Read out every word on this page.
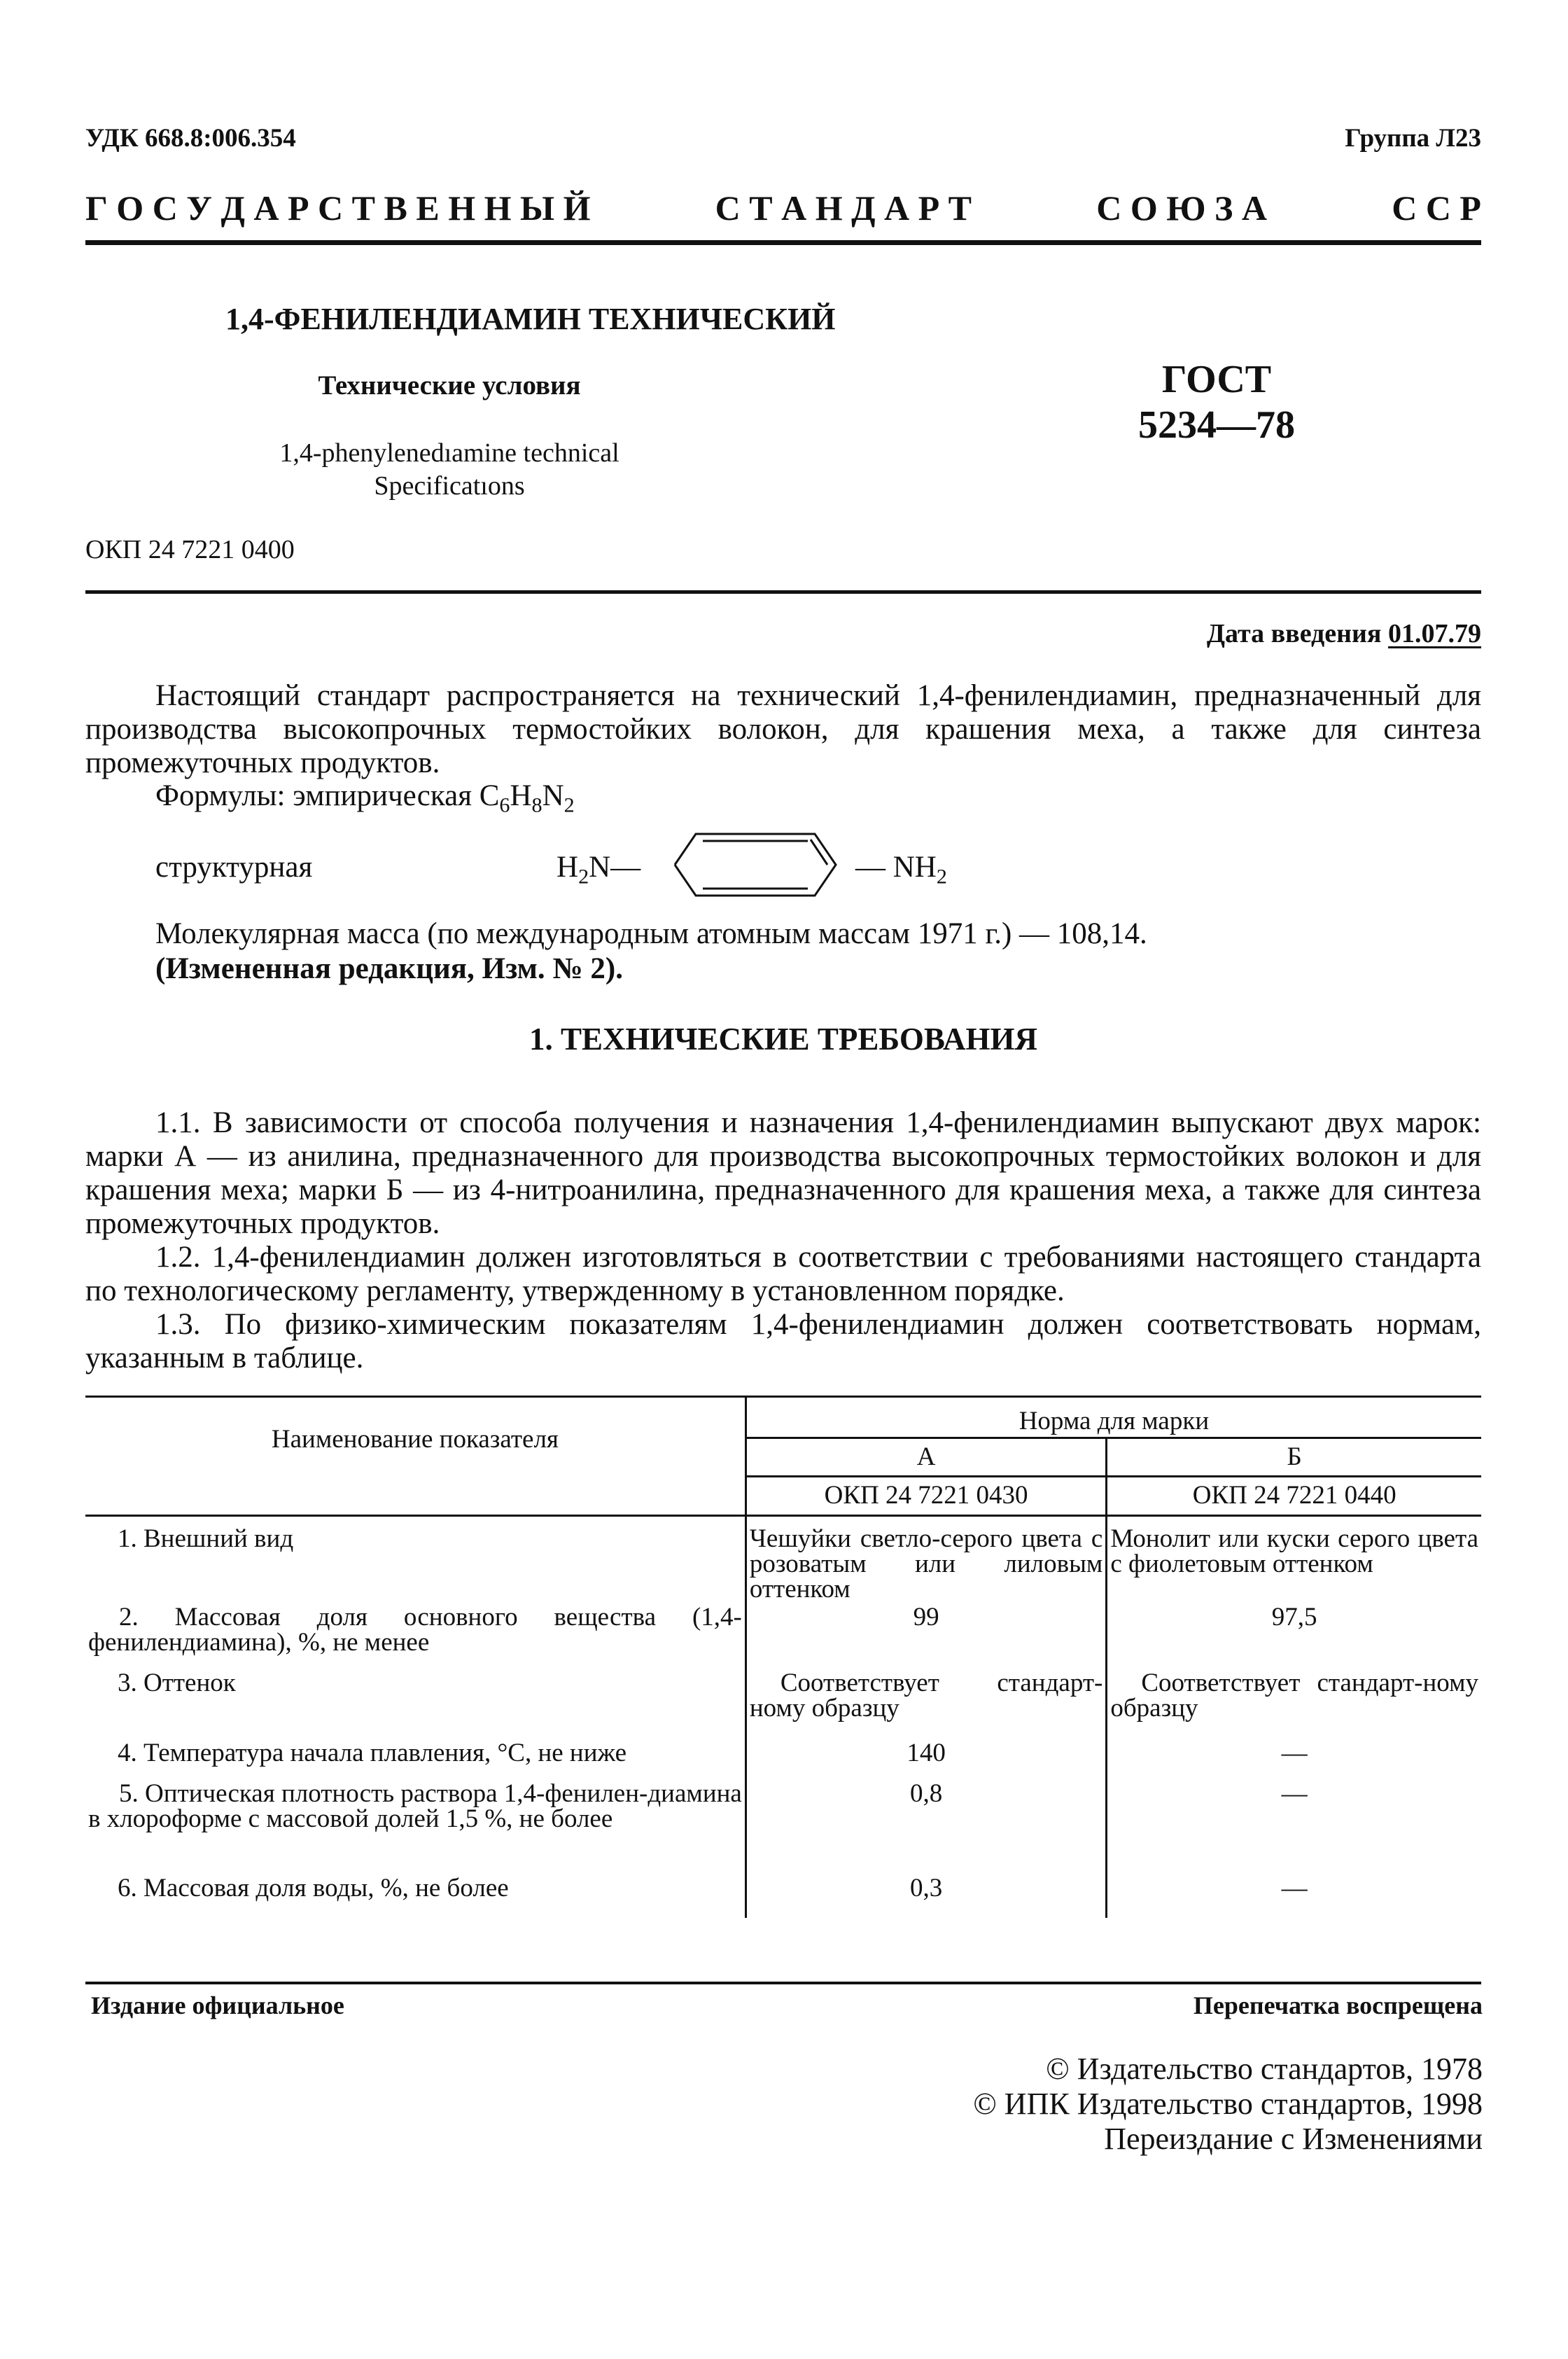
УДК 668.8:006.354	Группа Л23
Г О С У Д А Р С Т В Е Н Н Ы Й	С Т А Н Д А Р Т	С О Ю З А	С С Р
1,4-ФЕНИЛЕНДИАМИН ТЕХНИЧЕСКИЙ
Технические условия
1,4-phenylenedıamine technical
Specificatıons
ГОСТ
5234—78
ОКП 24 7221 0400
Дата введения 01.07.79
Настоящий стандарт распространяется на технический 1,4-фенилендиамин, предназначенный для производства высокопрочных термостойких волокон, для крашения меха, а также для синтеза промежуточных продуктов.
Формулы: эмпирическая $C_6H_8N_2$
структурная	$H_2N—$	— $NH_2$
Молекулярная масса (по международным атомным массам 1971 г.) — 108,14.
(Измененная редакция, Изм. № 2).
1. ТЕХНИЧЕСКИЕ ТРЕБОВАНИЯ
1.1. В зависимости от способа получения и назначения 1,4-фенилендиамин выпускают двух марок: марки А — из анилина, предназначенного для производства высокопрочных термостойких волокон и для крашения меха; марки Б — из 4-нитроанилина, предназначенного для крашения меха, а также для синтеза промежуточных продуктов.
1.2. 1,4-фенилендиамин должен изготовляться в соответствии с требованиями настоящего стандарта по технологическому регламенту, утвержденному в установленном порядке.
1.3. По физико-химическим показателям 1,4-фенилендиамин должен соответствовать нормам, указанным в таблице.
Наименование показателя	Норма для марки	
	А	Б
	ОКП 24 7221 0430	ОКП 24 7221 0440
1. Внешний вид	Чешуйки светло-серого цвета с розоватым или лиловым оттенком	Монолит или куски серого цвета с фиолетовым оттенком
2. Массовая доля основного вещества (1,4-фенилендиамина), %, не менее	99	97,5
3. Оттенок	Соответствует стандарт-ному образцу	Соответствует стандарт-ному образцу
4. Температура начала плавления, °С, не ниже	140	—
5. Оптическая плотность раствора 1,4-фенилен-диамина в хлороформе с массовой долей 1,5 %, не более	0,8	—
6. Массовая доля воды, %, не более	0,3	—
Издание официальное	Перепечатка воспрещена
© Издательство стандартов, 1978
© ИПК Издательство стандартов, 1998
Переиздание с Изменениями
